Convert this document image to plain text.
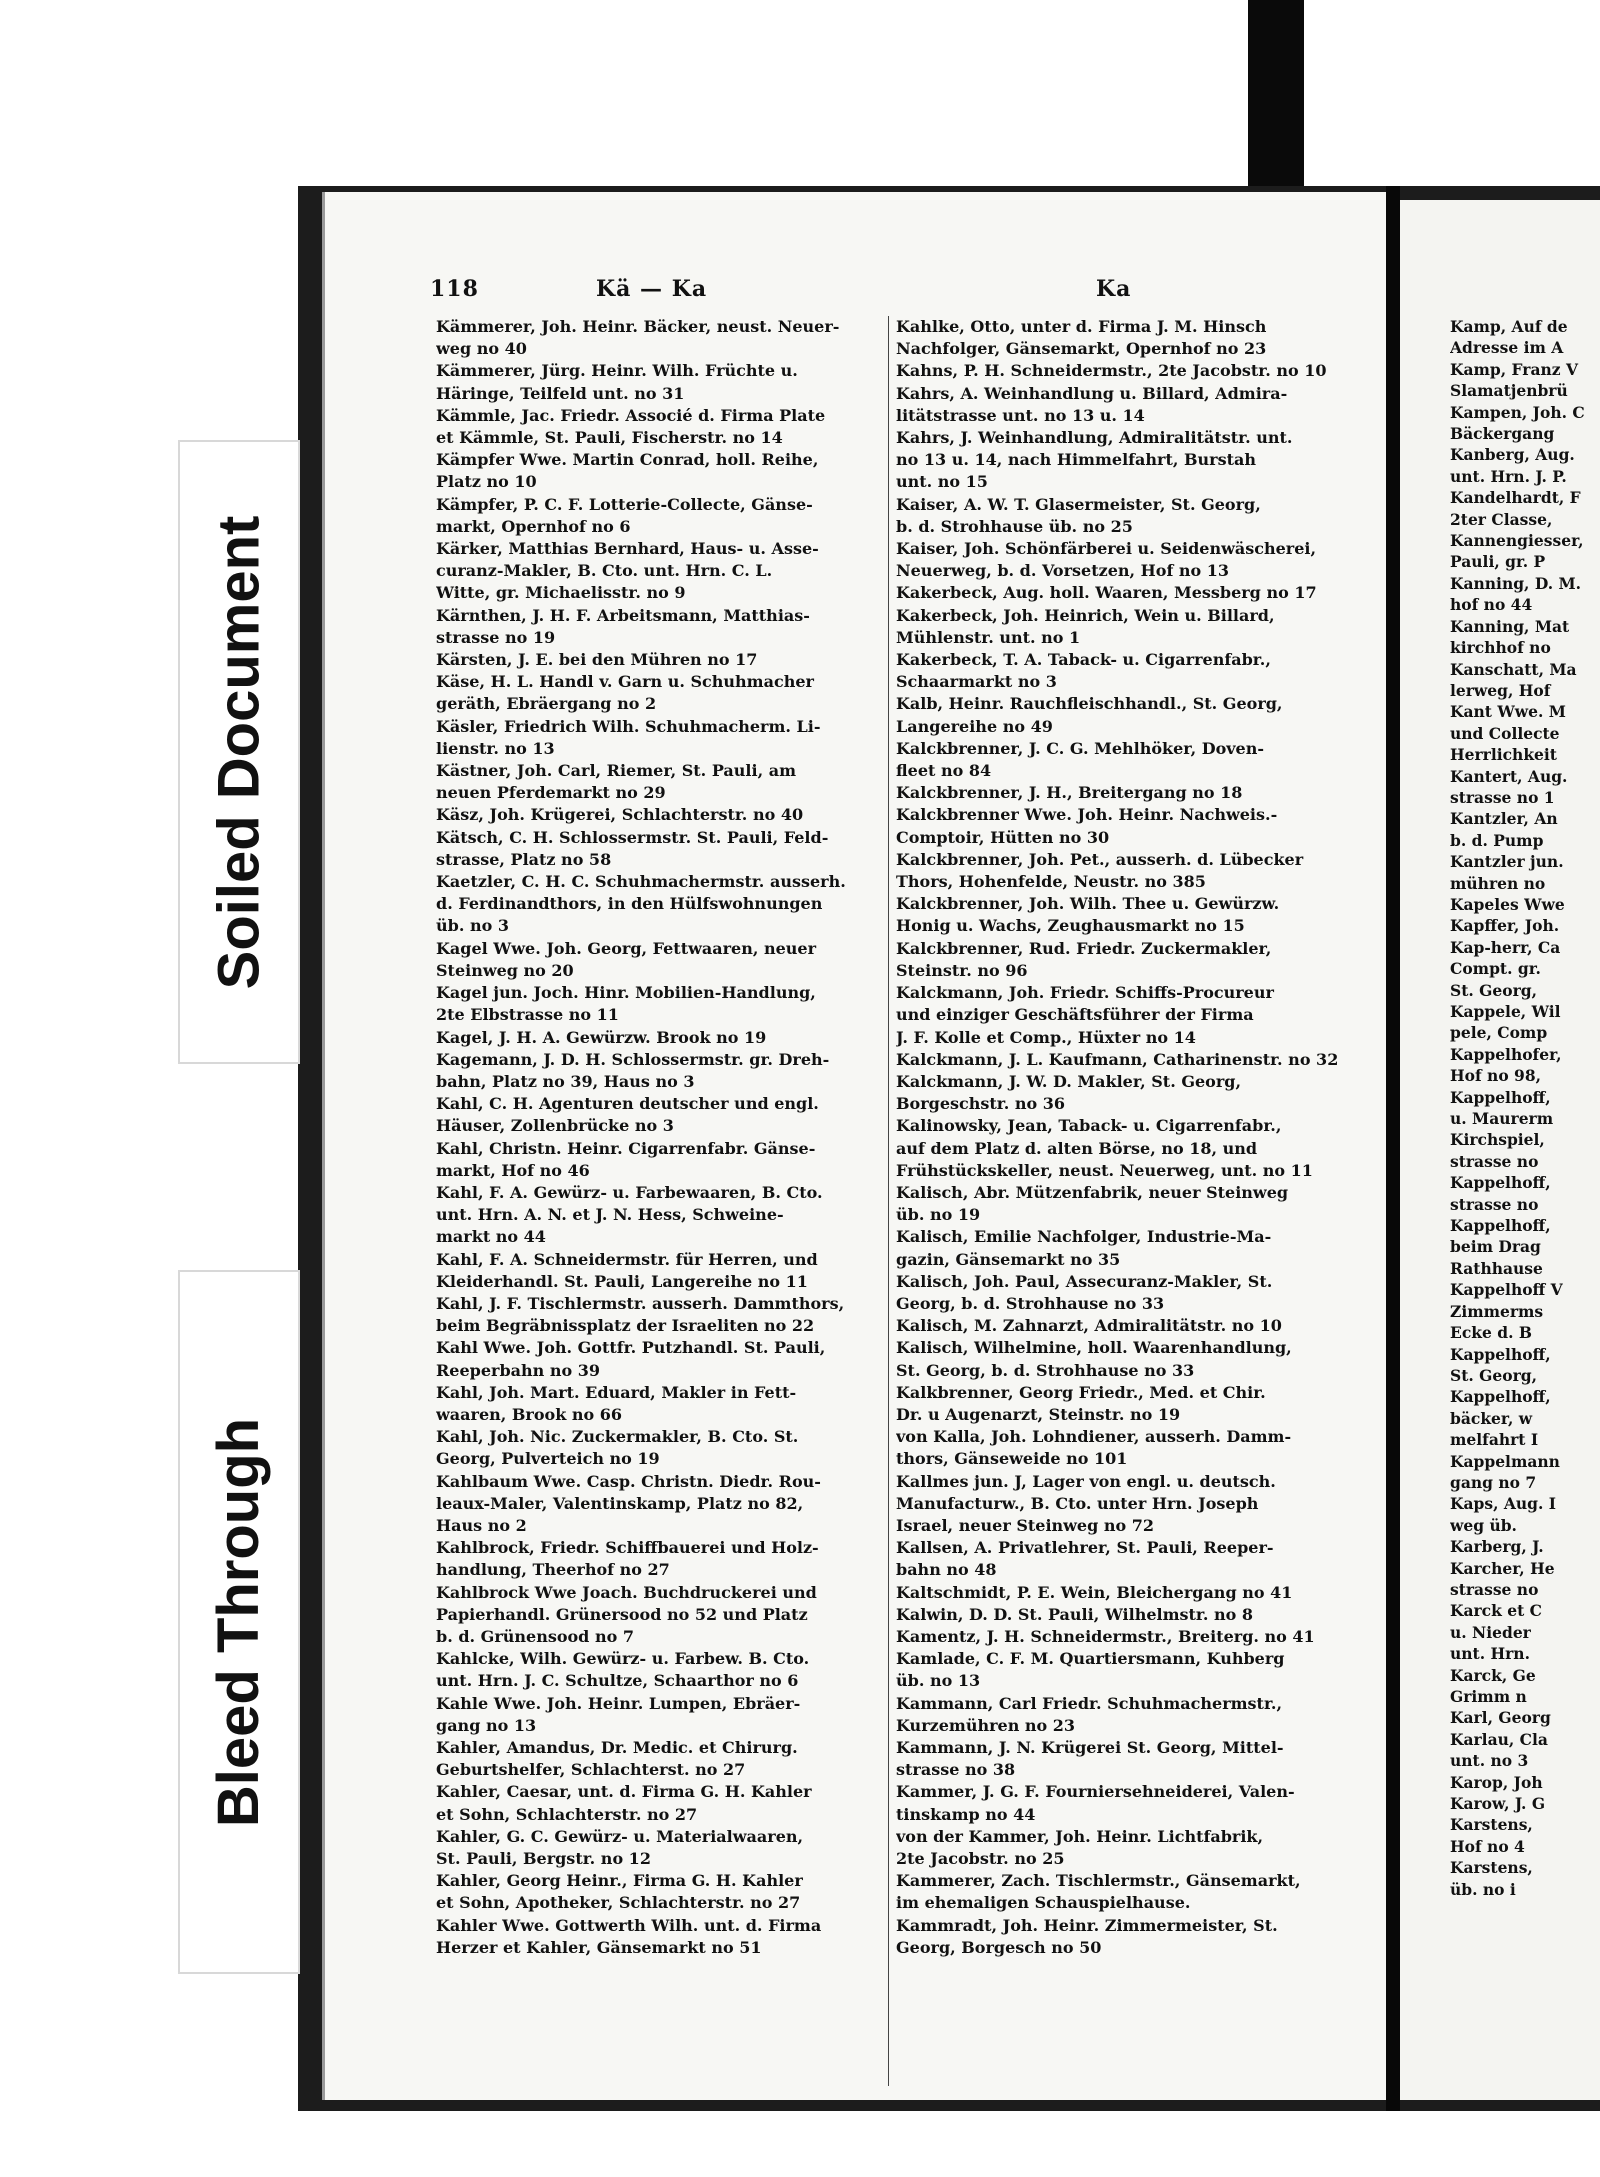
Soiled Document
Bleed Through
118	Kä — Ka	Ka
Kämmerer, Joh. Heinr. Bäcker, neust. Neuer-
weg no 40
Kämmerer, Jürg. Heinr. Wilh. Früchte u.
Häringe, Teilfeld unt. no 31
Kämmle, Jac. Friedr. Associé d. Firma Plate
et Kämmle, St. Pauli, Fischerstr. no 14
Kämpfer Wwe. Martin Conrad, holl. Reihe,
Platz no 10
Kämpfer, P. C. F. Lotterie-Collecte, Gänse-
markt, Opernhof no 6
Kärker, Matthias Bernhard, Haus- u. Asse-
curanz-Makler, B. Cto. unt. Hrn. C. L.
Witte, gr. Michaelisstr. no 9
Kärnthen, J. H. F. Arbeitsmann, Matthias-
strasse no 19
Kärsten, J. E. bei den Mühren no 17
Käse, H. L. Handl v. Garn u. Schuhmacher
geräth, Ebräergang no 2
Käsler, Friedrich Wilh. Schuhmacherm. Li-
lienstr. no 13
Kästner, Joh. Carl, Riemer, St. Pauli, am
neuen Pferdemarkt no 29
Käsz, Joh. Krügerei, Schlachterstr. no 40
Kätsch, C. H. Schlossermstr. St. Pauli, Feld-
strasse, Platz no 58
Kaetzler, C. H. C. Schuhmachermstr. ausserh.
d. Ferdinandthors, in den Hülfswohnungen
üb. no 3
Kagel Wwe. Joh. Georg, Fettwaaren, neuer
Steinweg no 20
Kagel jun. Joch. Hinr. Mobilien-Handlung,
2te Elbstrasse no 11
Kagel, J. H. A. Gewürzw. Brook no 19
Kagemann, J. D. H. Schlossermstr. gr. Dreh-
bahn, Platz no 39, Haus no 3
Kahl, C. H. Agenturen deutscher und engl.
Häuser, Zollenbrücke no 3
Kahl, Christn. Heinr. Cigarrenfabr. Gänse-
markt, Hof no 46
Kahl, F. A. Gewürz- u. Farbewaaren, B. Cto.
unt. Hrn. A. N. et J. N. Hess, Schweine-
markt no 44
Kahl, F. A. Schneidermstr. für Herren, und
Kleiderhandl. St. Pauli, Langereihe no 11
Kahl, J. F. Tischlermstr. ausserh. Dammthors,
beim Begräbnissplatz der Israeliten no 22
Kahl Wwe. Joh. Gottfr. Putzhandl. St. Pauli,
Reeperbahn no 39
Kahl, Joh. Mart. Eduard, Makler in Fett-
waaren, Brook no 66
Kahl, Joh. Nic. Zuckermakler, B. Cto. St.
Georg, Pulverteich no 19
Kahlbaum Wwe. Casp. Christn. Diedr. Rou-
leaux-Maler, Valentinskamp, Platz no 82,
Haus no 2
Kahlbrock, Friedr. Schiffbauerei und Holz-
handlung, Theerhof no 27
Kahlbrock Wwe Joach. Buchdruckerei und
Papierhandl. Grünersood no 52 und Platz
b. d. Grünensood no 7
Kahlcke, Wilh. Gewürz- u. Farbew. B. Cto.
unt. Hrn. J. C. Schultze, Schaarthor no 6
Kahle Wwe. Joh. Heinr. Lumpen, Ebräer-
gang no 13
Kahler, Amandus, Dr. Medic. et Chirurg.
Geburtshelfer, Schlachterst. no 27
Kahler, Caesar, unt. d. Firma G. H. Kahler
et Sohn, Schlachterstr. no 27
Kahler, G. C. Gewürz- u. Materialwaaren,
St. Pauli, Bergstr. no 12
Kahler, Georg Heinr., Firma G. H. Kahler
et Sohn, Apotheker, Schlachterstr. no 27
Kahler Wwe. Gottwerth Wilh. unt. d. Firma
Herzer et Kahler, Gänsemarkt no 51
Kahlke, Otto, unter d. Firma J. M. Hinsch
Nachfolger, Gänsemarkt, Opernhof no 23
Kahns, P. H. Schneidermstr., 2te Jacobstr. no 10
Kahrs, A. Weinhandlung u. Billard, Admira-
litätstrasse unt. no 13 u. 14
Kahrs, J. Weinhandlung, Admiralitätstr. unt.
no 13 u. 14, nach Himmelfahrt, Burstah
unt. no 15
Kaiser, A. W. T. Glasermeister, St. Georg,
b. d. Strohhause üb. no 25
Kaiser, Joh. Schönfärberei u. Seidenwäscherei,
Neuerweg, b. d. Vorsetzen, Hof no 13
Kakerbeck, Aug. holl. Waaren, Messberg no 17
Kakerbeck, Joh. Heinrich, Wein u. Billard,
Mühlenstr. unt. no 1
Kakerbeck, T. A. Taback- u. Cigarrenfabr.,
Schaarmarkt no 3
Kalb, Heinr. Rauchfleischhandl., St. Georg,
Langereihe no 49
Kalckbrenner, J. C. G. Mehlhöker, Doven-
fleet no 84
Kalckbrenner, J. H., Breitergang no 18
Kalckbrenner Wwe. Joh. Heinr. Nachweis.-
Comptoir, Hütten no 30
Kalckbrenner, Joh. Pet., ausserh. d. Lübecker
Thors, Hohenfelde, Neustr. no 385
Kalckbrenner, Joh. Wilh. Thee u. Gewürzw.
Honig u. Wachs, Zeughausmarkt no 15
Kalckbrenner, Rud. Friedr. Zuckermakler,
Steinstr. no 96
Kalckmann, Joh. Friedr. Schiffs-Procureur
und einziger Geschäftsführer der Firma
J. F. Kolle et Comp., Hüxter no 14
Kalckmann, J. L. Kaufmann, Catharinenstr. no 32
Kalckmann, J. W. D. Makler, St. Georg,
Borgeschstr. no 36
Kalinowsky, Jean, Taback- u. Cigarrenfabr.,
auf dem Platz d. alten Börse, no 18, und
Frühstückskeller, neust. Neuerweg, unt. no 11
Kalisch, Abr. Mützenfabrik, neuer Steinweg
üb. no 19
Kalisch, Emilie Nachfolger, Industrie-Ma-
gazin, Gänsemarkt no 35
Kalisch, Joh. Paul, Assecuranz-Makler, St.
Georg, b. d. Strohhause no 33
Kalisch, M. Zahnarzt, Admiralitätstr. no 10
Kalisch, Wilhelmine, holl. Waarenhandlung,
St. Georg, b. d. Strohhause no 33
Kalkbrenner, Georg Friedr., Med. et Chir.
Dr. u Augenarzt, Steinstr. no 19
von Kalla, Joh. Lohndiener, ausserh. Damm-
thors, Gänseweide no 101
Kallmes jun. J, Lager von engl. u. deutsch.
Manufacturw., B. Cto. unter Hrn. Joseph
Israel, neuer Steinweg no 72
Kallsen, A. Privatlehrer, St. Pauli, Reeper-
bahn no 48
Kaltschmidt, P. E. Wein, Bleichergang no 41
Kalwin, D. D. St. Pauli, Wilhelmstr. no 8
Kamentz, J. H. Schneidermstr., Breiterg. no 41
Kamlade, C. F. M. Quartiersmann, Kuhberg
üb. no 13
Kammann, Carl Friedr. Schuhmachermstr.,
Kurzemühren no 23
Kammann, J. N. Krügerei St. Georg, Mittel-
strasse no 38
Kammer, J. G. F. Fourniersehneiderei, Valen-
tinskamp no 44
von der Kammer, Joh. Heinr. Lichtfabrik,
2te Jacobstr. no 25
Kammerer, Zach. Tischlermstr., Gänsemarkt,
im ehemaligen Schauspielhause.
Kammradt, Joh. Heinr. Zimmermeister, St.
Georg, Borgesch no 50
Kamp, Auf de
Adresse im A
Kamp, Franz V
Slamatjenbrü
Kampen, Joh. C
Bäckergang
Kanberg, Aug.
unt. Hrn. J. P.
Kandelhardt, F
2ter Classe,
Kannengiesser,
Pauli, gr. P
Kanning, D. M.
hof no 44
Kanning, Mat
kirchhof no
Kanschatt, Ma
lerweg, Hof
Kant Wwe. M
und Collecte
Herrlichkeit
Kantert, Aug.
strasse no 1
Kantzler, An
b. d. Pump
Kantzler jun.
mühren no
Kapeles Wwe
Kapffer, Joh.
Kap-herr, Ca
Compt. gr.
St. Georg,
Kappele, Wil
pele, Comp
Kappelhofer,
Hof no 98,
Kappelhoff,
u. Maurerm
Kirchspiel,
strasse no
Kappelhoff,
strasse no
Kappelhoff,
beim Drag
Rathhause
Kappelhoff V
Zimmerms
Ecke d. B
Kappelhoff,
St. Georg,
Kappelhoff,
bäcker, w
melfahrt I
Kappelmann
gang no 7
Kaps, Aug. I
weg üb.
Karberg, J.
Karcher, He
strasse no
Karck et C
u. Nieder
unt. Hrn.
Karck, Ge
Grimm n
Karl, Georg
Karlau, Cla
unt. no 3
Karop, Joh
Karow, J. G
Karstens,
Hof no 4
Karstens,
üb. no i
